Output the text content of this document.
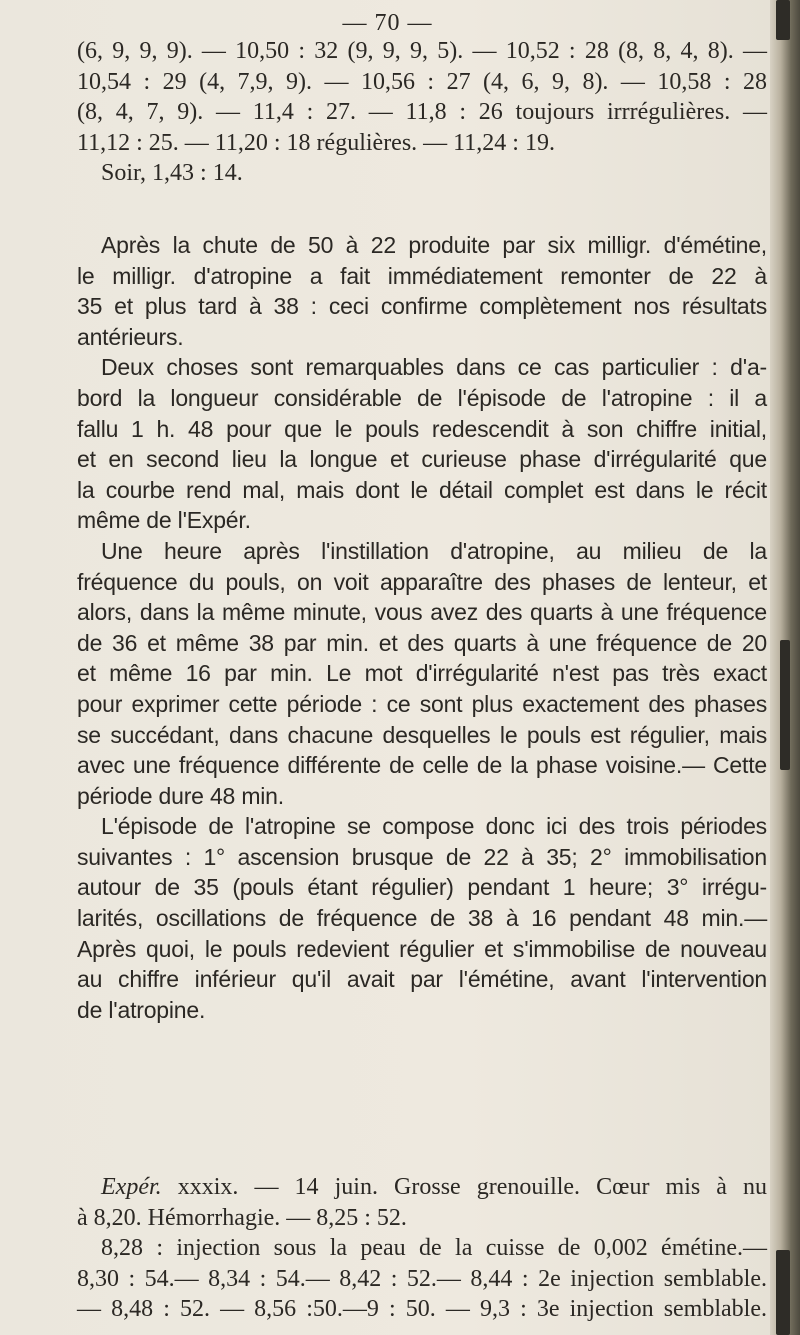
— 70 —
(6, 9, 9, 9). — 10,50 : 32 (9, 9, 9, 5). — 10,52 : 28 (8, 8, 4, 8). —
10,54 : 29 (4, 7,9, 9). — 10,56 : 27 (4, 6, 9, 8). — 10,58 : 28
(8, 4, 7, 9). — 11,4 : 27. — 11,8 : 26 toujours irrrégulières. —
11,12 : 25. — 11,20 : 18 régulières. — 11,24 : 19.
Soir, 1,43 : 14.
Après la chute de 50 à 22 produite par six milligr. d'émétine,
le milligr. d'atropine a fait immédiatement remonter de 22 à
35 et plus tard à 38 : ceci confirme complètement nos résultats
antérieurs.
Deux choses sont remarquables dans ce cas particulier : d'a-
bord la longueur considérable de l'épisode de l'atropine : il a
fallu 1 h. 48 pour que le pouls redescendit à son chiffre initial,
et en second lieu la longue et curieuse phase d'irrégularité que
la courbe rend mal, mais dont le détail complet est dans le récit
même de l'Expér.
Une heure après l'instillation d'atropine, au milieu de la
fréquence du pouls, on voit apparaître des phases de lenteur, et
alors, dans la même minute, vous avez des quarts à une fréquence
de 36 et même 38 par min. et des quarts à une fréquence de 20
et même 16 par min. Le mot d'irrégularité n'est pas très exact
pour exprimer cette période : ce sont plus exactement des phases
se succédant, dans chacune desquelles le pouls est régulier, mais
avec une fréquence différente de celle de la phase voisine.— Cette
période dure 48 min.
L'épisode de l'atropine se compose donc ici des trois périodes
suivantes : 1° ascension brusque de 22 à 35; 2° immobilisation
autour de 35 (pouls étant régulier) pendant 1 heure; 3° irrégu-
larités, oscillations de fréquence de 38 à 16 pendant 48 min.—
Après quoi, le pouls redevient régulier et s'immobilise de nouveau
au chiffre inférieur qu'il avait par l'émétine, avant l'intervention
de l'atropine.
Expér. xxxix. — 14 juin. Grosse grenouille. Cœur mis à nu
à 8,20. Hémorrhagie. — 8,25 : 52.
8,28 : injection sous la peau de la cuisse de 0,002 émétine.—
8,30 : 54.— 8,34 : 54.— 8,42 : 52.— 8,44 : 2e injection semblable.
— 8,48 : 52. — 8,56 :50.—9 : 50. — 9,3 : 3e injection semblable.
